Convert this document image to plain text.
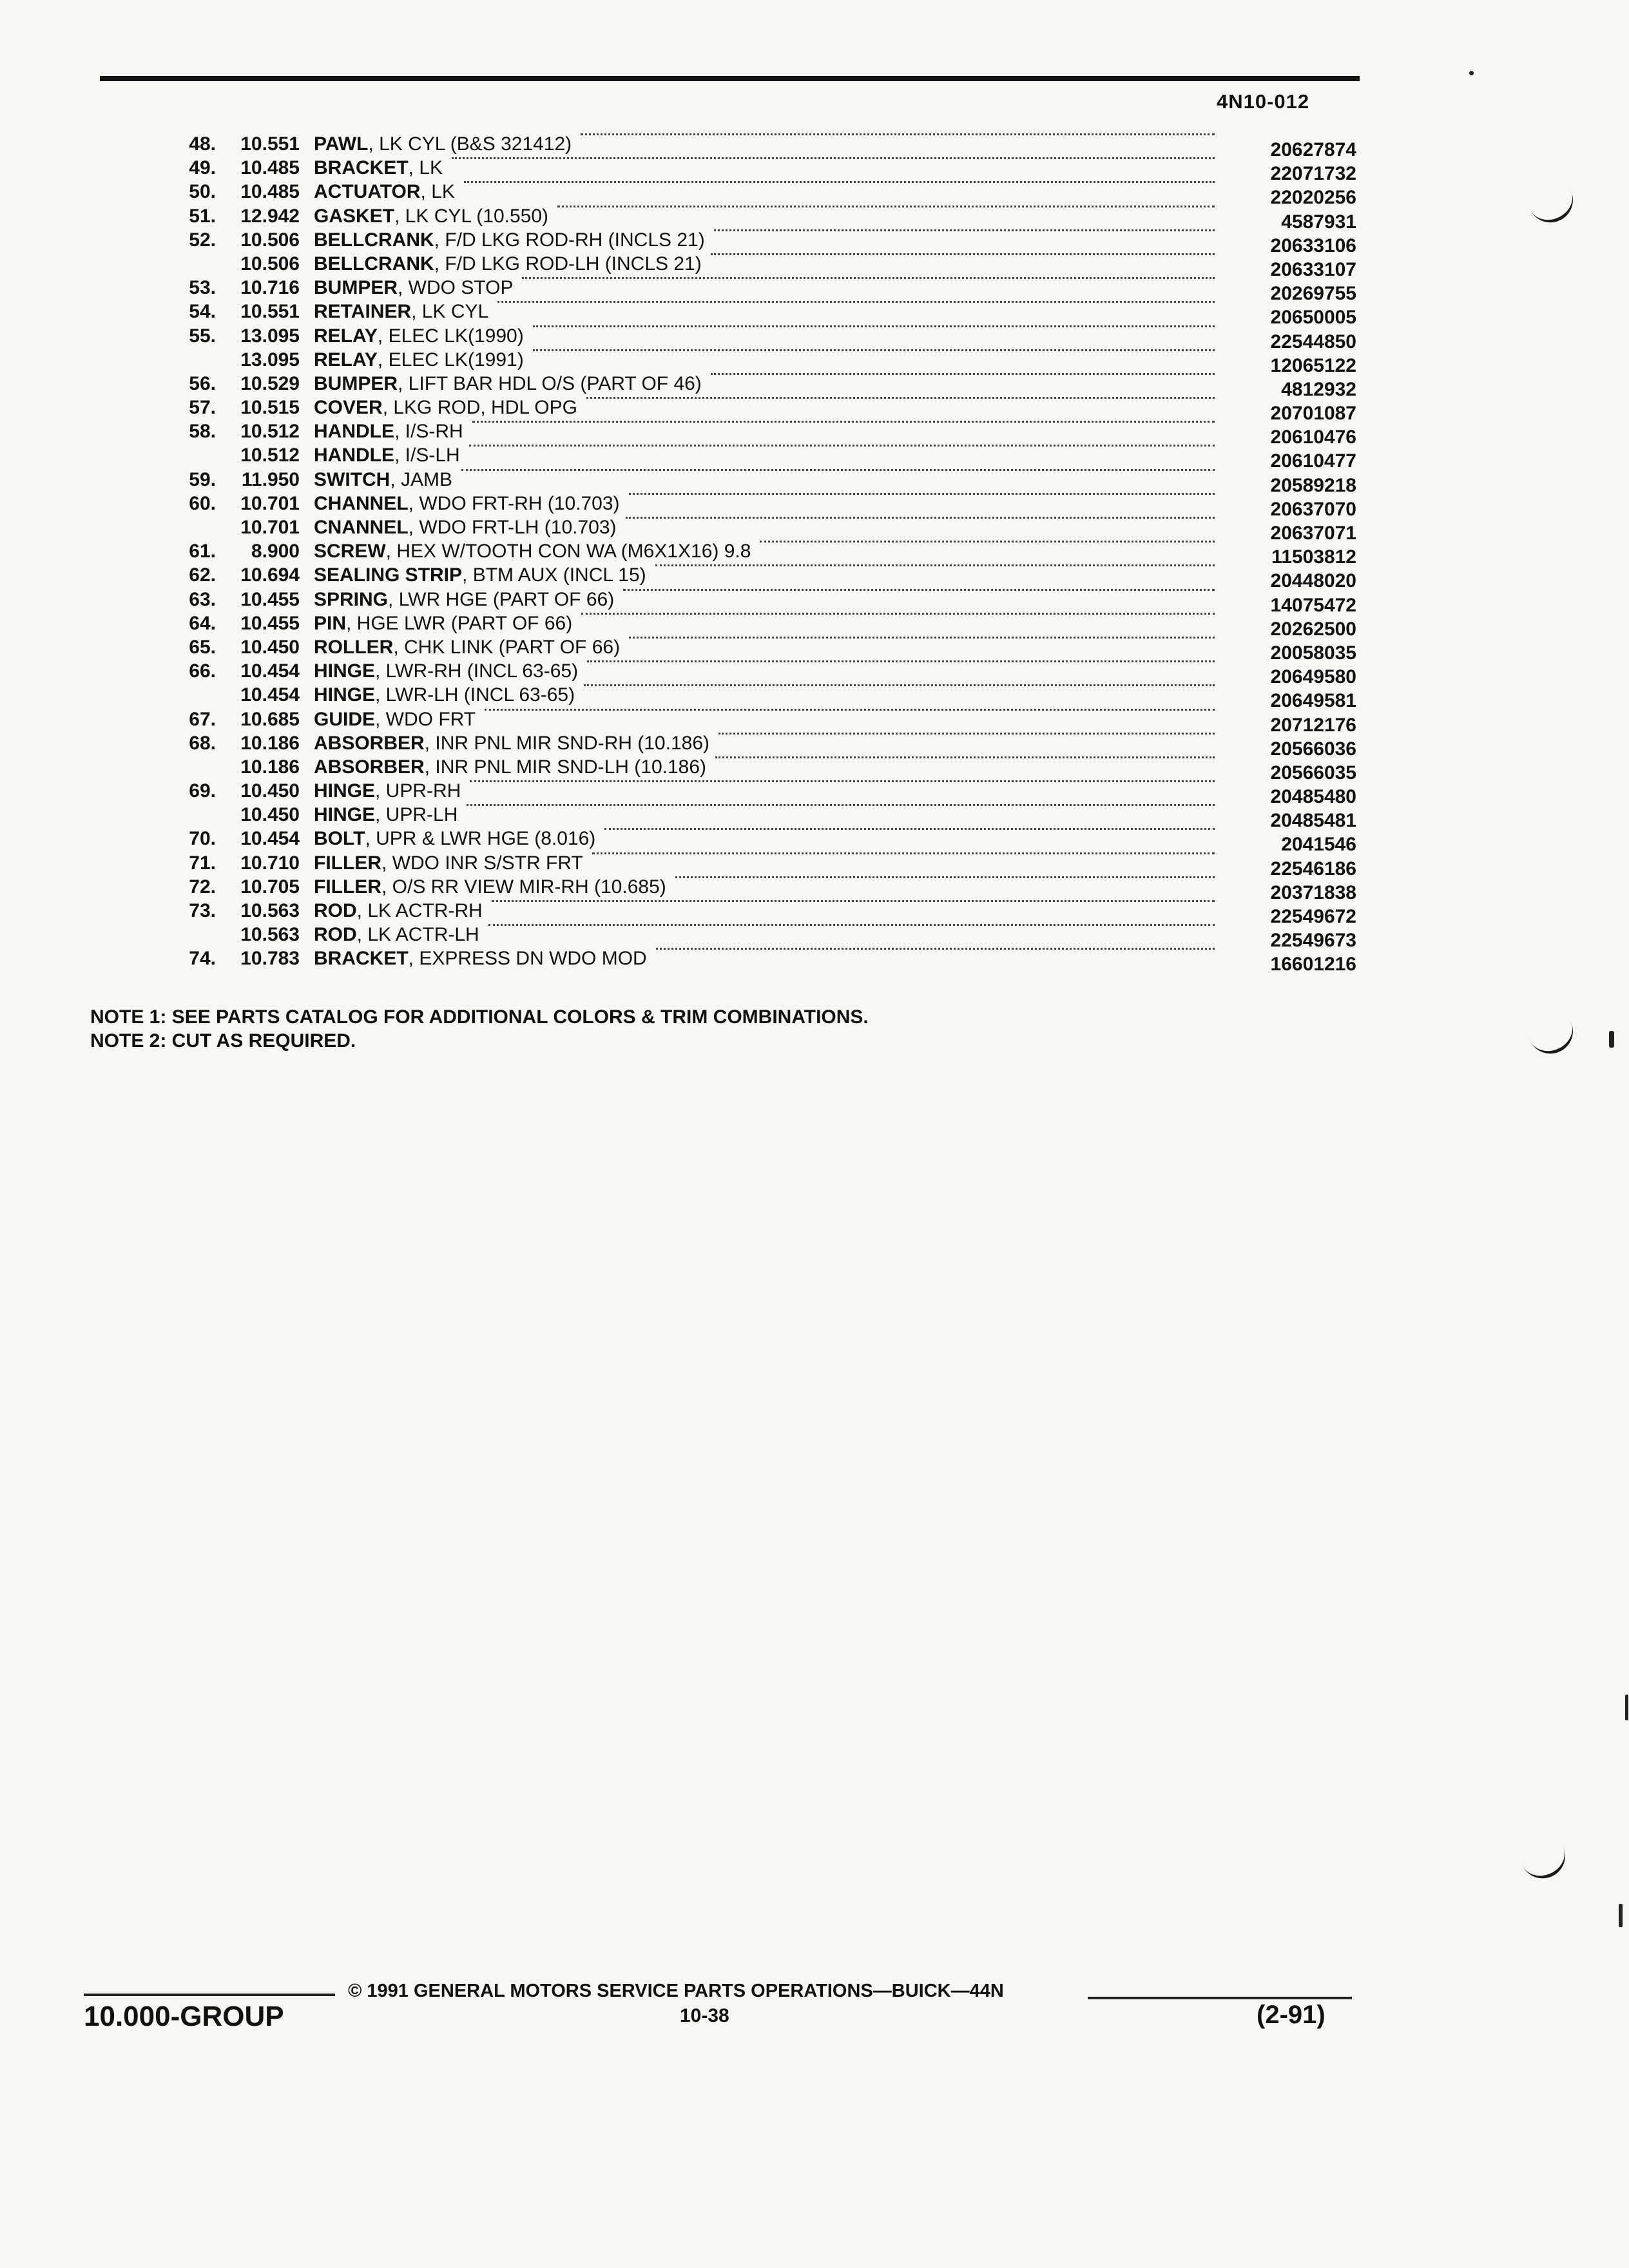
4N10-012
48.	10.551 PAWL, LK CYL (B&S 321412)	20627874
49.	10.485 BRACKET, LK	22071732
50.	10.485 ACTUATOR, LK	22020256
51.	12.942 GASKET, LK CYL (10.550)	4587931
52.	10.506 BELLCRANK, F/D LKG ROD-RH (INCLS 21)	20633106
10.506 BELLCRANK, F/D LKG ROD-LH (INCLS 21)	20633107
53.	10.716 BUMPER, WDO STOP	20269755
54.	10.551 RETAINER, LK CYL	20650005
55.	13.095 RELAY, ELEC LK(1990)	22544850
13.095 RELAY, ELEC LK(1991)	12065122
56.	10.529 BUMPER, LIFT BAR HDL O/S (PART OF 46)	4812932
57.	10.515 COVER, LKG ROD, HDL OPG	20701087
58.	10.512 HANDLE, I/S-RH	20610476
10.512 HANDLE, I/S-LH	20610477
59.	11.950 SWITCH, JAMB	20589218
60.	10.701 CHANNEL, WDO FRT-RH (10.703)	20637070
10.701 CNANNEL, WDO FRT-LH (10.703)	20637071
61.	8.900 SCREW, HEX W/TOOTH CON WA (M6X1X16) 9.8	11503812
62.	10.694 SEALING STRIP, BTM AUX (INCL 15)	20448020
63.	10.455 SPRING, LWR HGE (PART OF 66)	14075472
64.	10.455 PIN, HGE LWR (PART OF 66)	20262500
65.	10.450 ROLLER, CHK LINK (PART OF 66)	20058035
66.	10.454 HINGE, LWR-RH (INCL 63-65)	20649580
10.454 HINGE, LWR-LH (INCL 63-65)	20649581
67.	10.685 GUIDE, WDO FRT	20712176
68.	10.186 ABSORBER, INR PNL MIR SND-RH (10.186)	20566036
10.186 ABSORBER, INR PNL MIR SND-LH (10.186)	20566035
69.	10.450 HINGE, UPR-RH	20485480
10.450 HINGE, UPR-LH	20485481
70.	10.454 BOLT, UPR & LWR HGE (8.016)	2041546
71.	10.710 FILLER, WDO INR S/STR FRT	22546186
72.	10.705 FILLER, O/S RR VIEW MIR-RH (10.685)	20371838
73.	10.563 ROD, LK ACTR-RH	22549672
10.563 ROD, LK ACTR-LH	22549673
74.	10.783 BRACKET, EXPRESS DN WDO MOD	16601216
NOTE 1: SEE PARTS CATALOG FOR ADDITIONAL COLORS & TRIM COMBINATIONS.
NOTE 2: CUT AS REQUIRED.
© 1991 GENERAL MOTORS SERVICE PARTS OPERATIONS—BUICK—44N
10.000-GROUP	10-38	(2-91)
